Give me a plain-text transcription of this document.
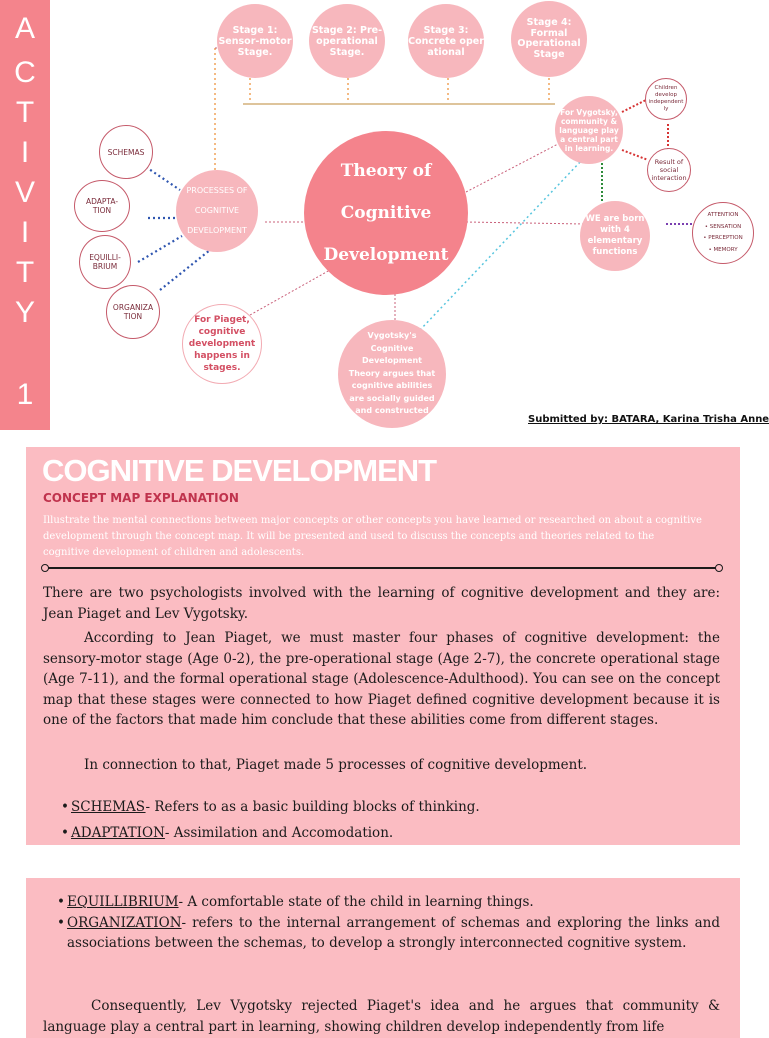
A
C
T
I
V
I
T
Y
1
Stage 1:
Sensor-motor
Stage.
Stage 2: Pre-
operational
Stage.
Stage 3:
Concrete oper
ational
Stage 4:
Formal
Operational
Stage
Theory of
Cognitive
Development
PROCESSES OF
COGNITIVE
DEVELOPMENT
SCHEMAS
ADAPTA-
TION
EQUILLI-
BRIUM
ORGANIZA
TION	For Piaget,
cognitive
development
happens in
stages.
Vygotsky's
Cognitive
Development
Theory argues that
cognitive abilities
are socially guided
and constructed
For Vygotsky,
community &
language play
a central part
in learning.
Children
develop
independent
ly
Result of
social
interaction
WE are born
with 4
elementary
functions
ATTENTION
• SENSATION
• PERCEPTION
• MEMORY
Submitted by: BATARA, Karina Trisha Anne
COGNITIVE DEVELOPMENT
CONCEPT MAP EXPLANATION
Illustrate the mental connections between major concepts or other concepts you have learned or researched on about a cognitive development through the concept map. It will be presented and used to discuss the concepts and theories related to the cognitive development of children and adolescents.

There are two psychologists involved with the learning of cognitive development and they are: Jean Piaget and Lev Vygotsky.

According to Jean Piaget, we must master four phases of cognitive development: the sensory-motor stage (Age 0-2), the pre-operational stage (Age 2-7), the concrete operational stage (Age 7-11), and the formal operational stage (Adolescence-Adulthood). You can see on the concept map that these stages were connected to how Piaget defined cognitive development because it is one of the factors that made him conclude that these abilities come from different stages.

In connection to that, Piaget made 5 processes of cognitive development.

• SCHEMAS- Refers to as a basic building blocks of thinking.
• ADAPTATION- Assimilation and Accomodation.
• EQUILLIBRIUM- A comfortable state of the child in learning things.
• ORGANIZATION- refers to the internal arrangement of schemas and exploring the links and associations between the schemas, to develop a strongly interconnected cognitive system.

Consequently, Lev Vygotsky rejected Piaget's idea and he argues that community & language play a central part in learning, showing children develop independently from life
